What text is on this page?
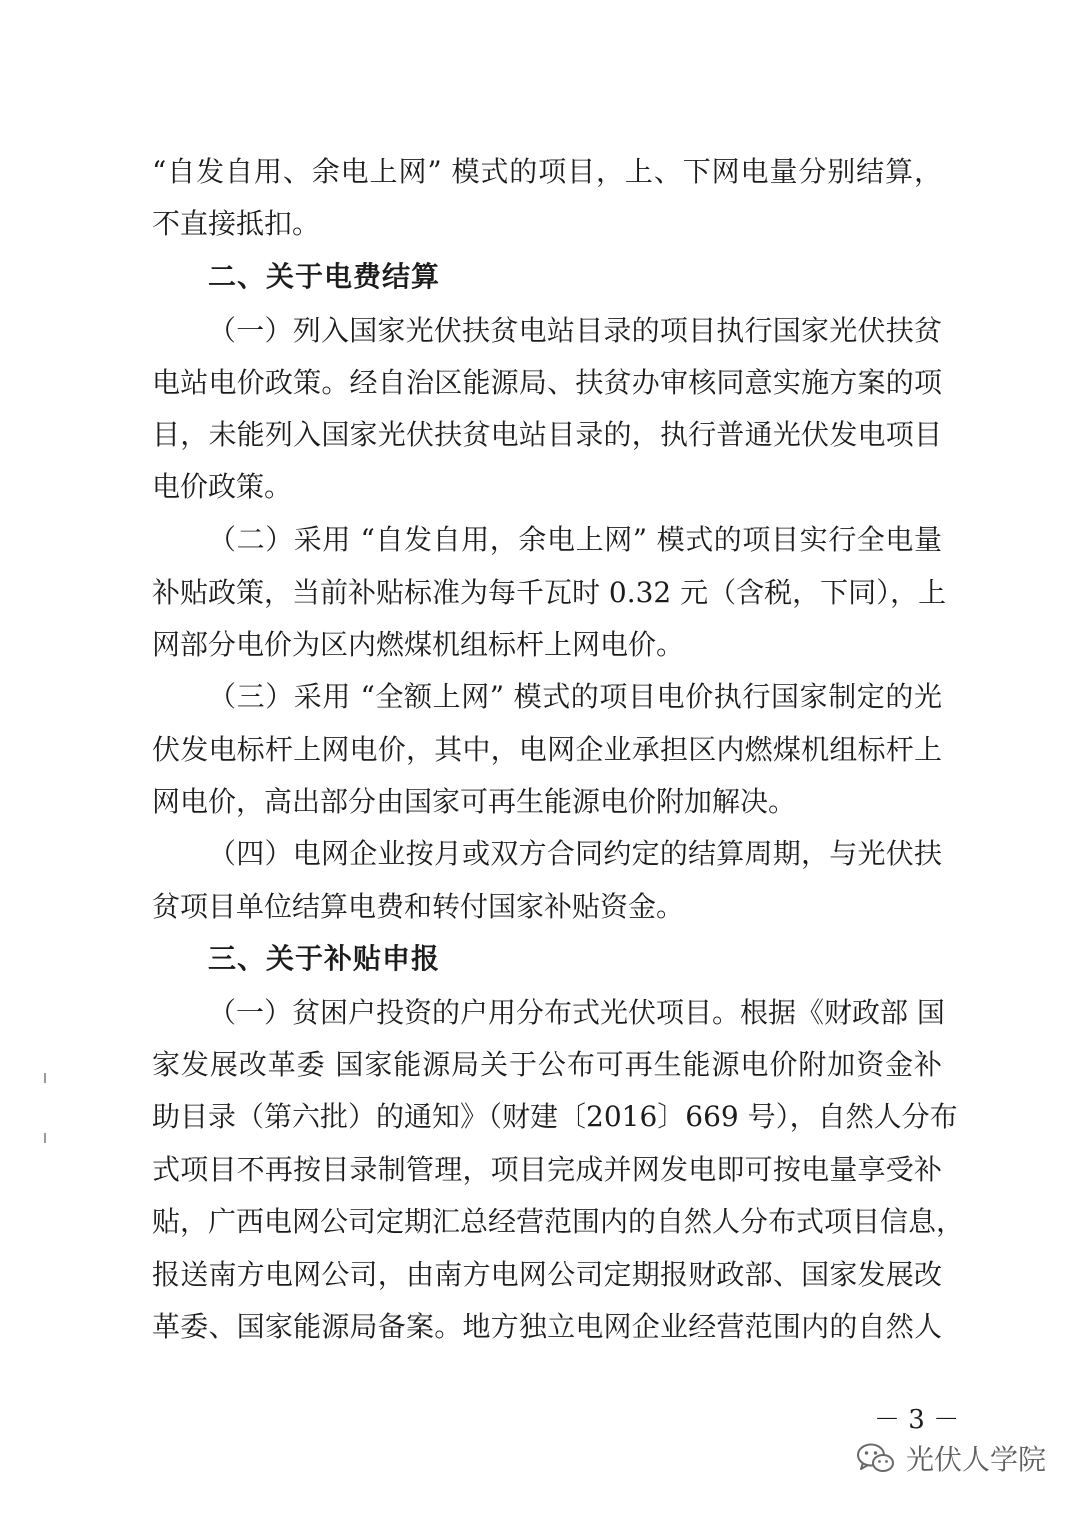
“自发自用、余电上网” 模式的项目，上、下网电量分别结算，
不直接抵扣。
二、关于电费结算
（一）列入国家光伏扶贫电站目录的项目执行国家光伏扶贫
电站电价政策。经自治区能源局、扶贫办审核同意实施方案的项
目，未能列入国家光伏扶贫电站目录的，执行普通光伏发电项目
电价政策。
（二）采用 “自发自用，余电上网” 模式的项目实行全电量
补贴政策，当前补贴标准为每千瓦时 0.32 元（含税，下同），上
网部分电价为区内燃煤机组标杆上网电价。
（三）采用 “全额上网” 模式的项目电价执行国家制定的光
伏发电标杆上网电价，其中，电网企业承担区内燃煤机组标杆上
网电价，高出部分由国家可再生能源电价附加解决。
（四）电网企业按月或双方合同约定的结算周期，与光伏扶
贫项目单位结算电费和转付国家补贴资金。
三、关于补贴申报
（一）贫困户投资的户用分布式光伏项目。根据《财政部 国
家发展改革委 国家能源局关于公布可再生能源电价附加资金补
助目录（第六批）的通知》（财建〔2016〕669 号），自然人分布
式项目不再按目录制管理，项目完成并网发电即可按电量享受补
贴，广西电网公司定期汇总经营范围内的自然人分布式项目信息，
报送南方电网公司，由南方电网公司定期报财政部、国家发展改
革委、国家能源局备案。地方独立电网企业经营范围内的自然人
－ 3 －
光伏人学院
